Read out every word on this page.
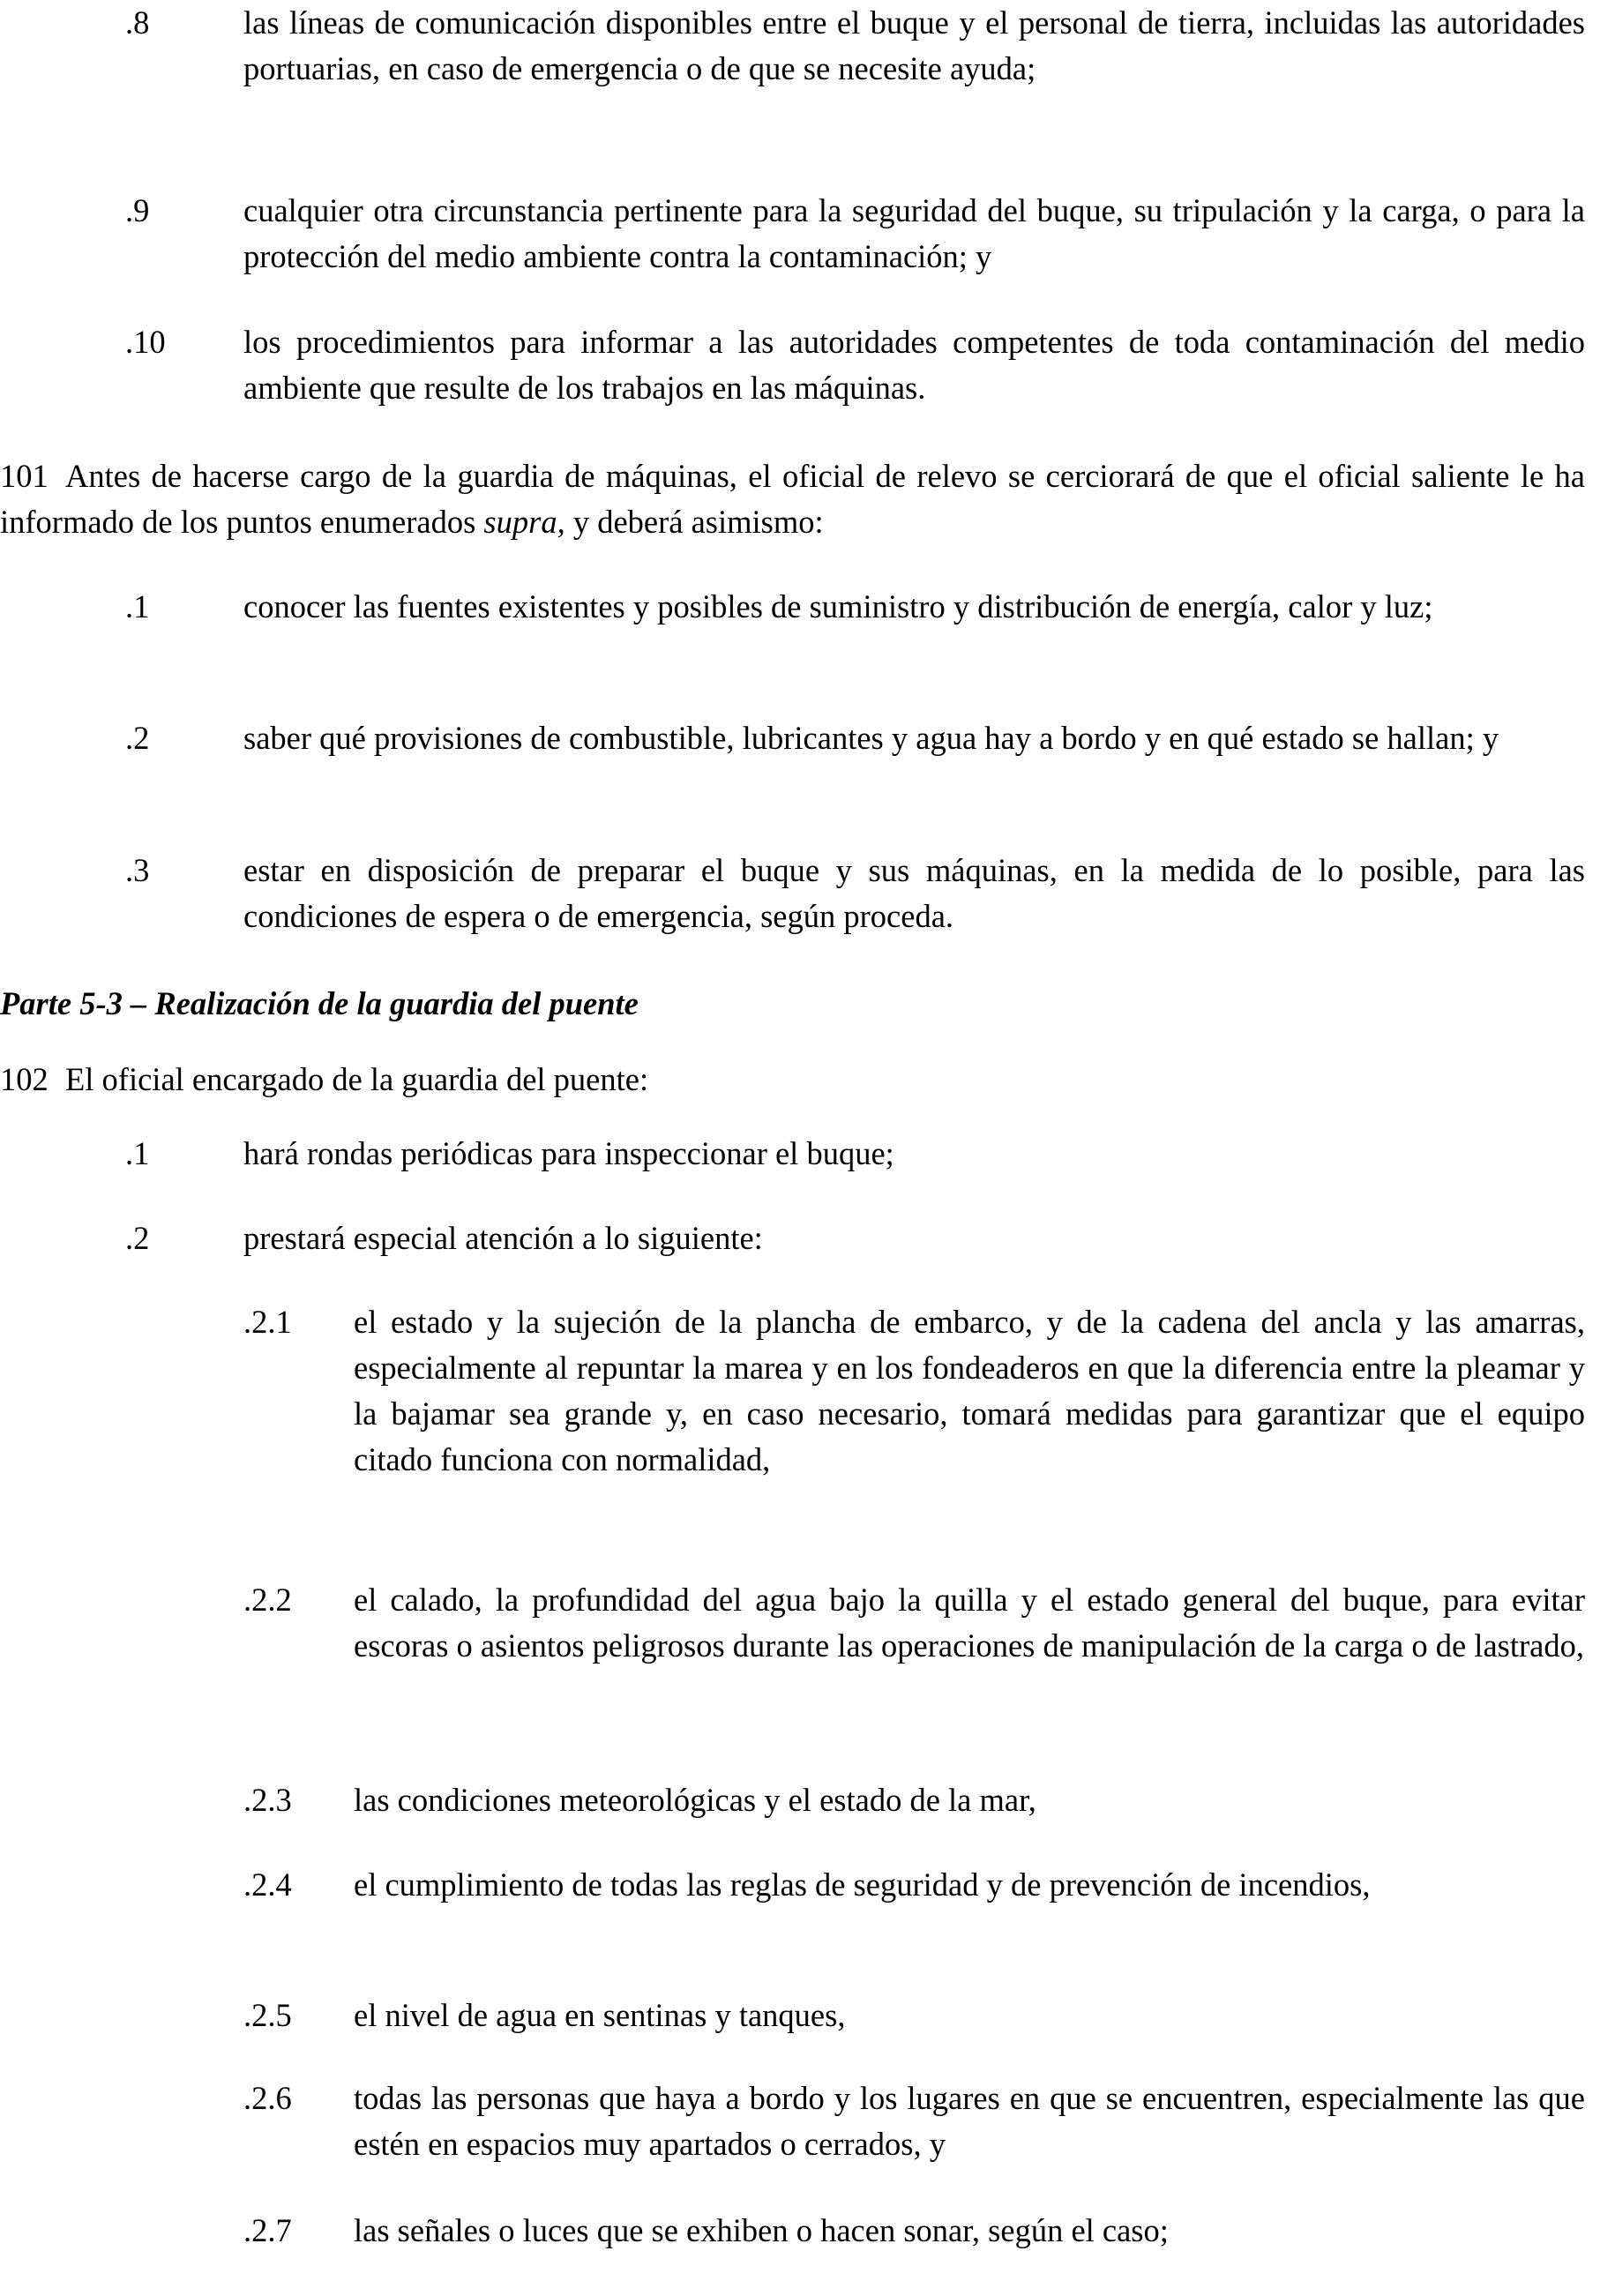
.8	las líneas de comunicación disponibles entre el buque y el personal de tierra, incluidas las autoridades portuarias, en caso de emergencia o de que se necesite ayuda;
.9	cualquier otra circunstancia pertinente para la seguridad del buque, su tripulación y la carga, o para la protección del medio ambiente contra la contaminación; y
.10 los procedimientos para informar a las autoridades competentes de toda contaminación del medio ambiente que resulte de los trabajos en las máquinas.
101 Antes de hacerse cargo de la guardia de máquinas, el oficial de relevo se cerciorará de que el oficial saliente le ha informado de los puntos enumerados supra, y deberá asimismo:
.1	conocer las fuentes existentes y posibles de suministro y distribución de energía, calor y luz;
.2	saber qué provisiones de combustible, lubricantes y agua hay a bordo y en qué estado se hallan; y
.3	estar en disposición de preparar el buque y sus máquinas, en la medida de lo posible, para las condiciones de espera o de emergencia, según proceda.
Parte 5-3 – Realización de la guardia del puente
102 El oficial encargado de la guardia del puente:
.1	hará rondas periódicas para inspeccionar el buque;
.2	prestará especial atención a lo siguiente:
.2.1 el estado y la sujeción de la plancha de embarco, y de la cadena del ancla y las amarras, especialmente al repuntar la marea y en los fondeaderos en que la diferencia entre la pleamar y la bajamar sea grande y, en caso necesario, tomará medidas para garantizar que el equipo citado funciona con normalidad,
.2.2 el calado, la profundidad del agua bajo la quilla y el estado general del buque, para evitar escoras o asientos peligrosos durante las operaciones de manipulación de la carga o de lastrado,
.2.3 las condiciones meteorológicas y el estado de la mar,
.2.4 el cumplimiento de todas las reglas de seguridad y de prevención de incendios,
.2.5 el nivel de agua en sentinas y tanques,
.2.6 todas las personas que haya a bordo y los lugares en que se encuentren, especialmente las que estén en espacios muy apartados o cerrados, y
.2.7 las señales o luces que se exhiben o hacen sonar, según el caso;
